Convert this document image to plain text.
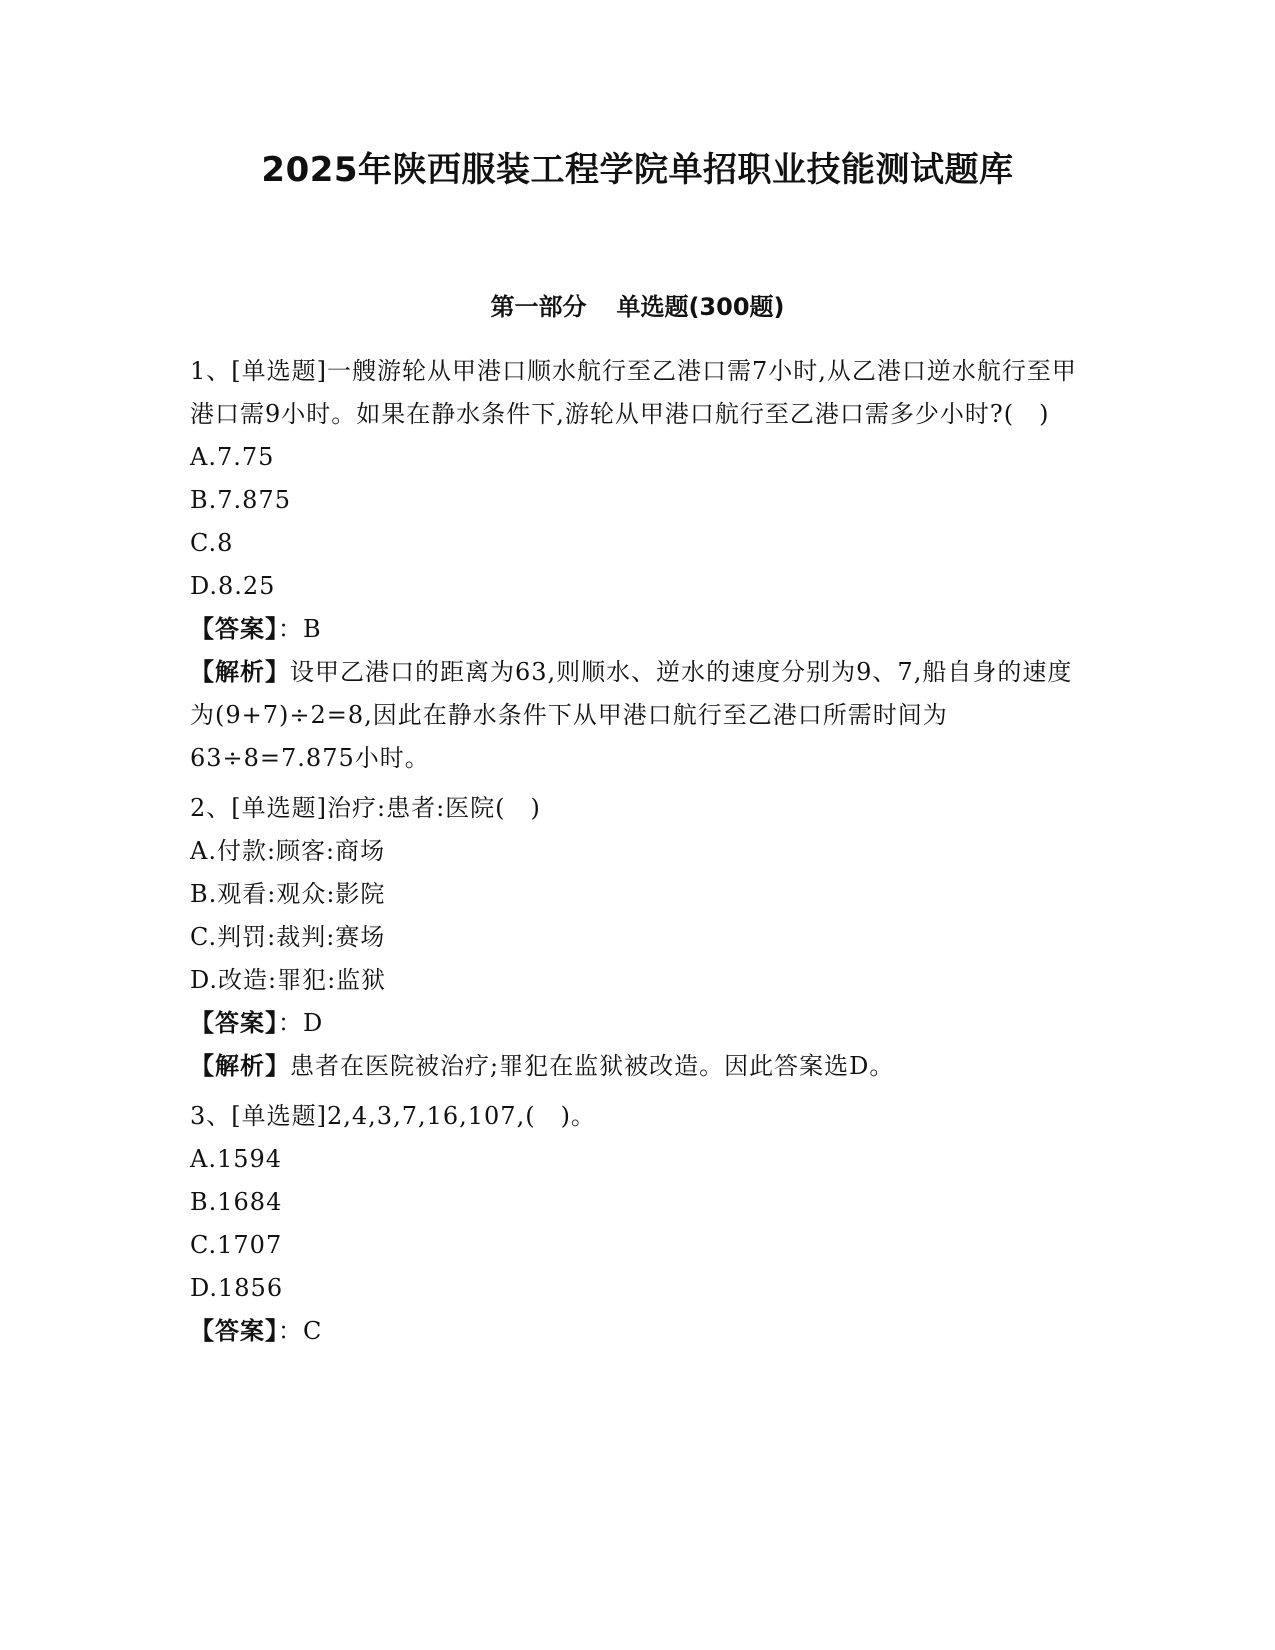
2025年陕西服装工程学院单招职业技能测试题库
第一部分 单选题(300题)

1、[单选题]一艘游轮从甲港口顺水航行至乙港口需7小时,从乙港口逆水航行至甲港口需9小时。如果在静水条件下,游轮从甲港口航行至乙港口需多少小时?(　)

A.7.75

B.7.875

C.8

D.8.25

【答案】：B

【解析】设甲乙港口的距离为63,则顺水、逆水的速度分别为9、7,船自身的速度为(9+7)÷2=8,因此在静水条件下从甲港口航行至乙港口所需时间为63÷8=7.875小时。

2、[单选题]治疗:患者:医院(　)

A.付款:顾客:商场

B.观看:观众:影院

C.判罚:裁判:赛场

D.改造:罪犯:监狱

【答案】：D

【解析】患者在医院被治疗;罪犯在监狱被改造。因此答案选D。

3、[单选题]2,4,3,7,16,107,(　)。

A.1594

B.1684

C.1707

D.1856

【答案】：C
